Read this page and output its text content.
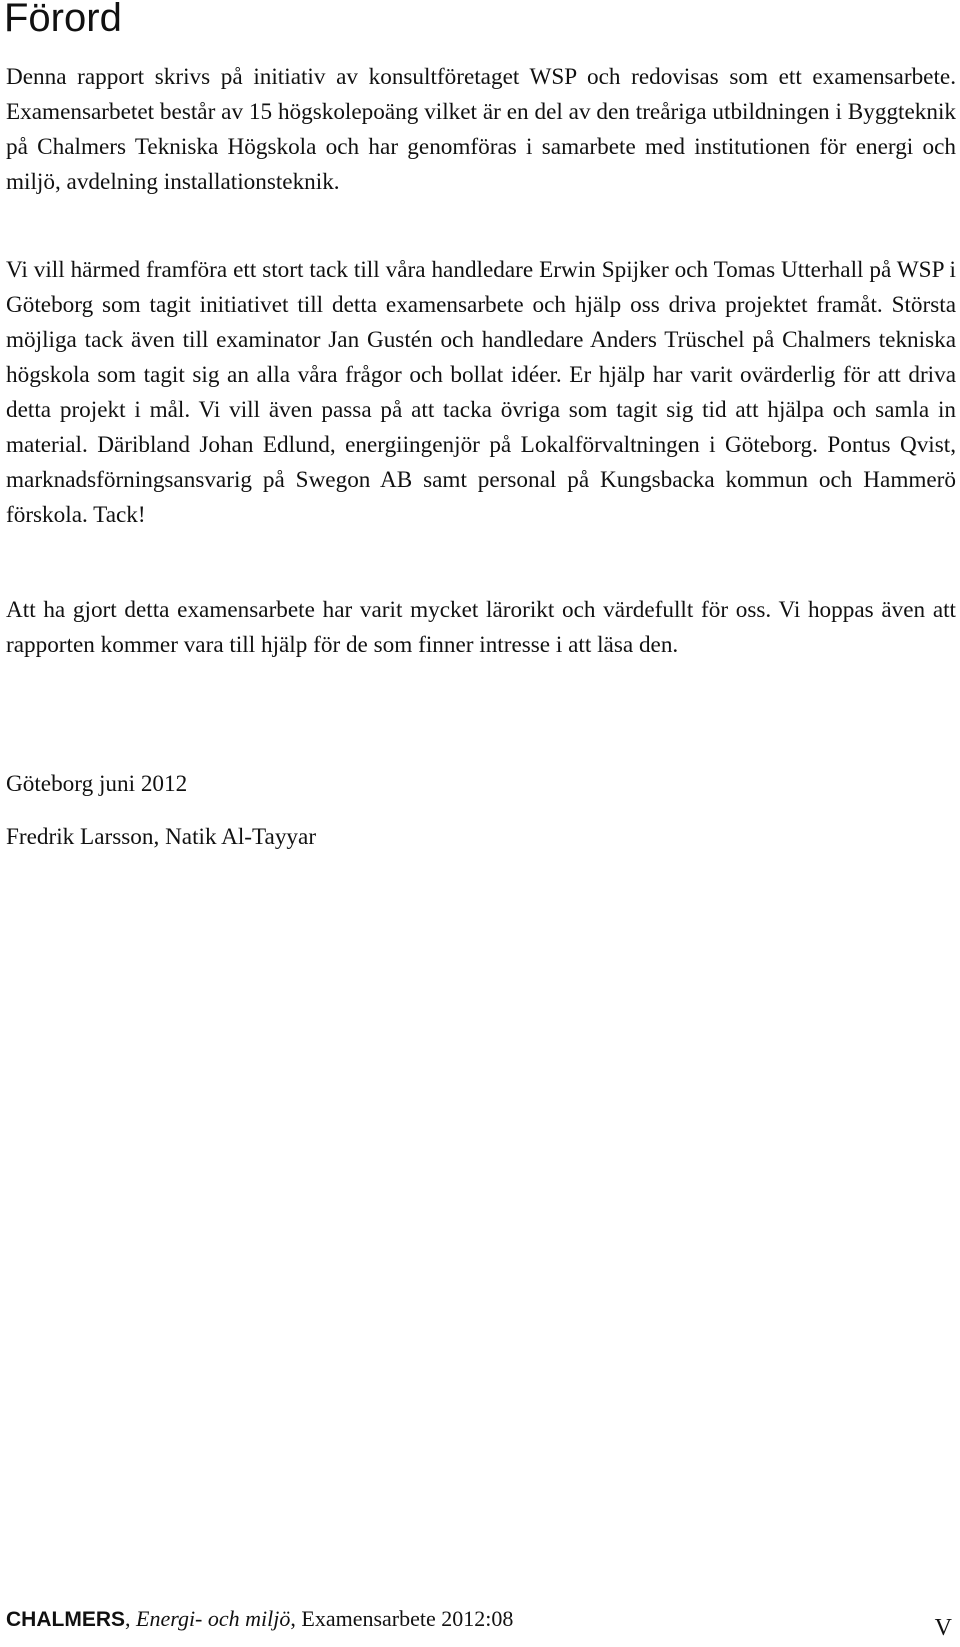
Förord

Denna rapport skrivs på initiativ av konsultföretaget WSP och redovisas som ett examensarbete. Examensarbetet består av 15 högskolepoäng vilket är en del av den treåriga utbildningen i Byggteknik på Chalmers Tekniska Högskola och har genomföras i samarbete med institutionen för energi och miljö, avdelning installationsteknik.

Vi vill härmed framföra ett stort tack till våra handledare Erwin Spijker och Tomas Utterhall på WSP i Göteborg som tagit initiativet till detta examensarbete och hjälp oss driva projektet framåt. Största möjliga tack även till examinator Jan Gustén och handledare Anders Trüschel på Chalmers tekniska högskola som tagit sig an alla våra frågor och bollat idéer. Er hjälp har varit ovärderlig för att driva detta projekt i mål. Vi vill även passa på att tacka övriga som tagit sig tid att hjälpa och samla in material. Däribland Johan Edlund, energiingenjör på Lokalförvaltningen i Göteborg. Pontus Qvist, marknadsförningsansvarig på Swegon AB samt personal på Kungsbacka kommun och Hammerö förskola. Tack!

Att ha gjort detta examensarbete har varit mycket lärorikt och värdefullt för oss. Vi hoppas även att rapporten kommer vara till hjälp för de som finner intresse i att läsa den.

Göteborg juni 2012

Fredrik Larsson, Natik Al-Tayyar

CHALMERS, Energi- och miljö, Examensarbete 2012:08	V
